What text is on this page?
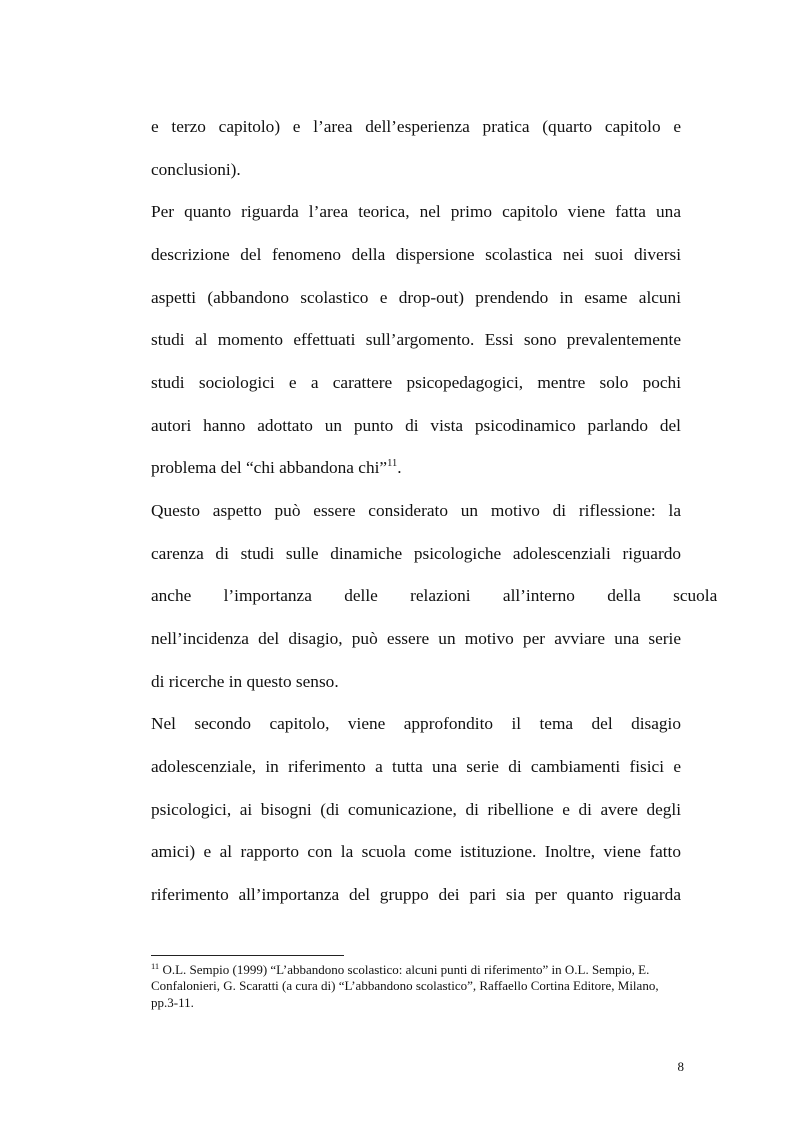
e terzo capitolo) e l’area dell’esperienza pratica (quarto capitolo e
conclusioni).
Per quanto riguarda l’area teorica, nel primo capitolo viene fatta una
descrizione del fenomeno della dispersione scolastica nei suoi diversi
aspetti (abbandono scolastico e drop-out) prendendo in esame alcuni
studi al momento effettuati sull’argomento. Essi sono prevalentemente
studi sociologici e a carattere psicopedagogici, mentre solo pochi
autori hanno adottato un punto di vista psicodinamico parlando del
problema del “chi abbandona chi”$^{11}$.
Questo aspetto può essere considerato un motivo di riflessione: la
carenza di studi sulle dinamiche psicologiche adolescenziali riguardo
anche l’importanza delle relazioni all’interno della scuola
nell’incidenza del disagio, può essere un motivo per avviare una serie
di ricerche in questo senso.
Nel secondo capitolo, viene approfondito il tema del disagio
adolescenziale, in riferimento a tutta una serie di cambiamenti fisici e
psicologici, ai bisogni (di comunicazione, di ribellione e di avere degli
amici) e al rapporto con la scuola come istituzione. Inoltre, viene fatto
riferimento all’importanza del gruppo dei pari sia per quanto riguarda
$^{11}$ O.L. Sempio (1999) “L’abbandono scolastico: alcuni punti di riferimento” in O.L. Sempio, E.
Confalonieri, G. Scaratti (a cura di) “L’abbandono scolastico”, Raffaello Cortina Editore, Milano,
pp.3-11.
8
